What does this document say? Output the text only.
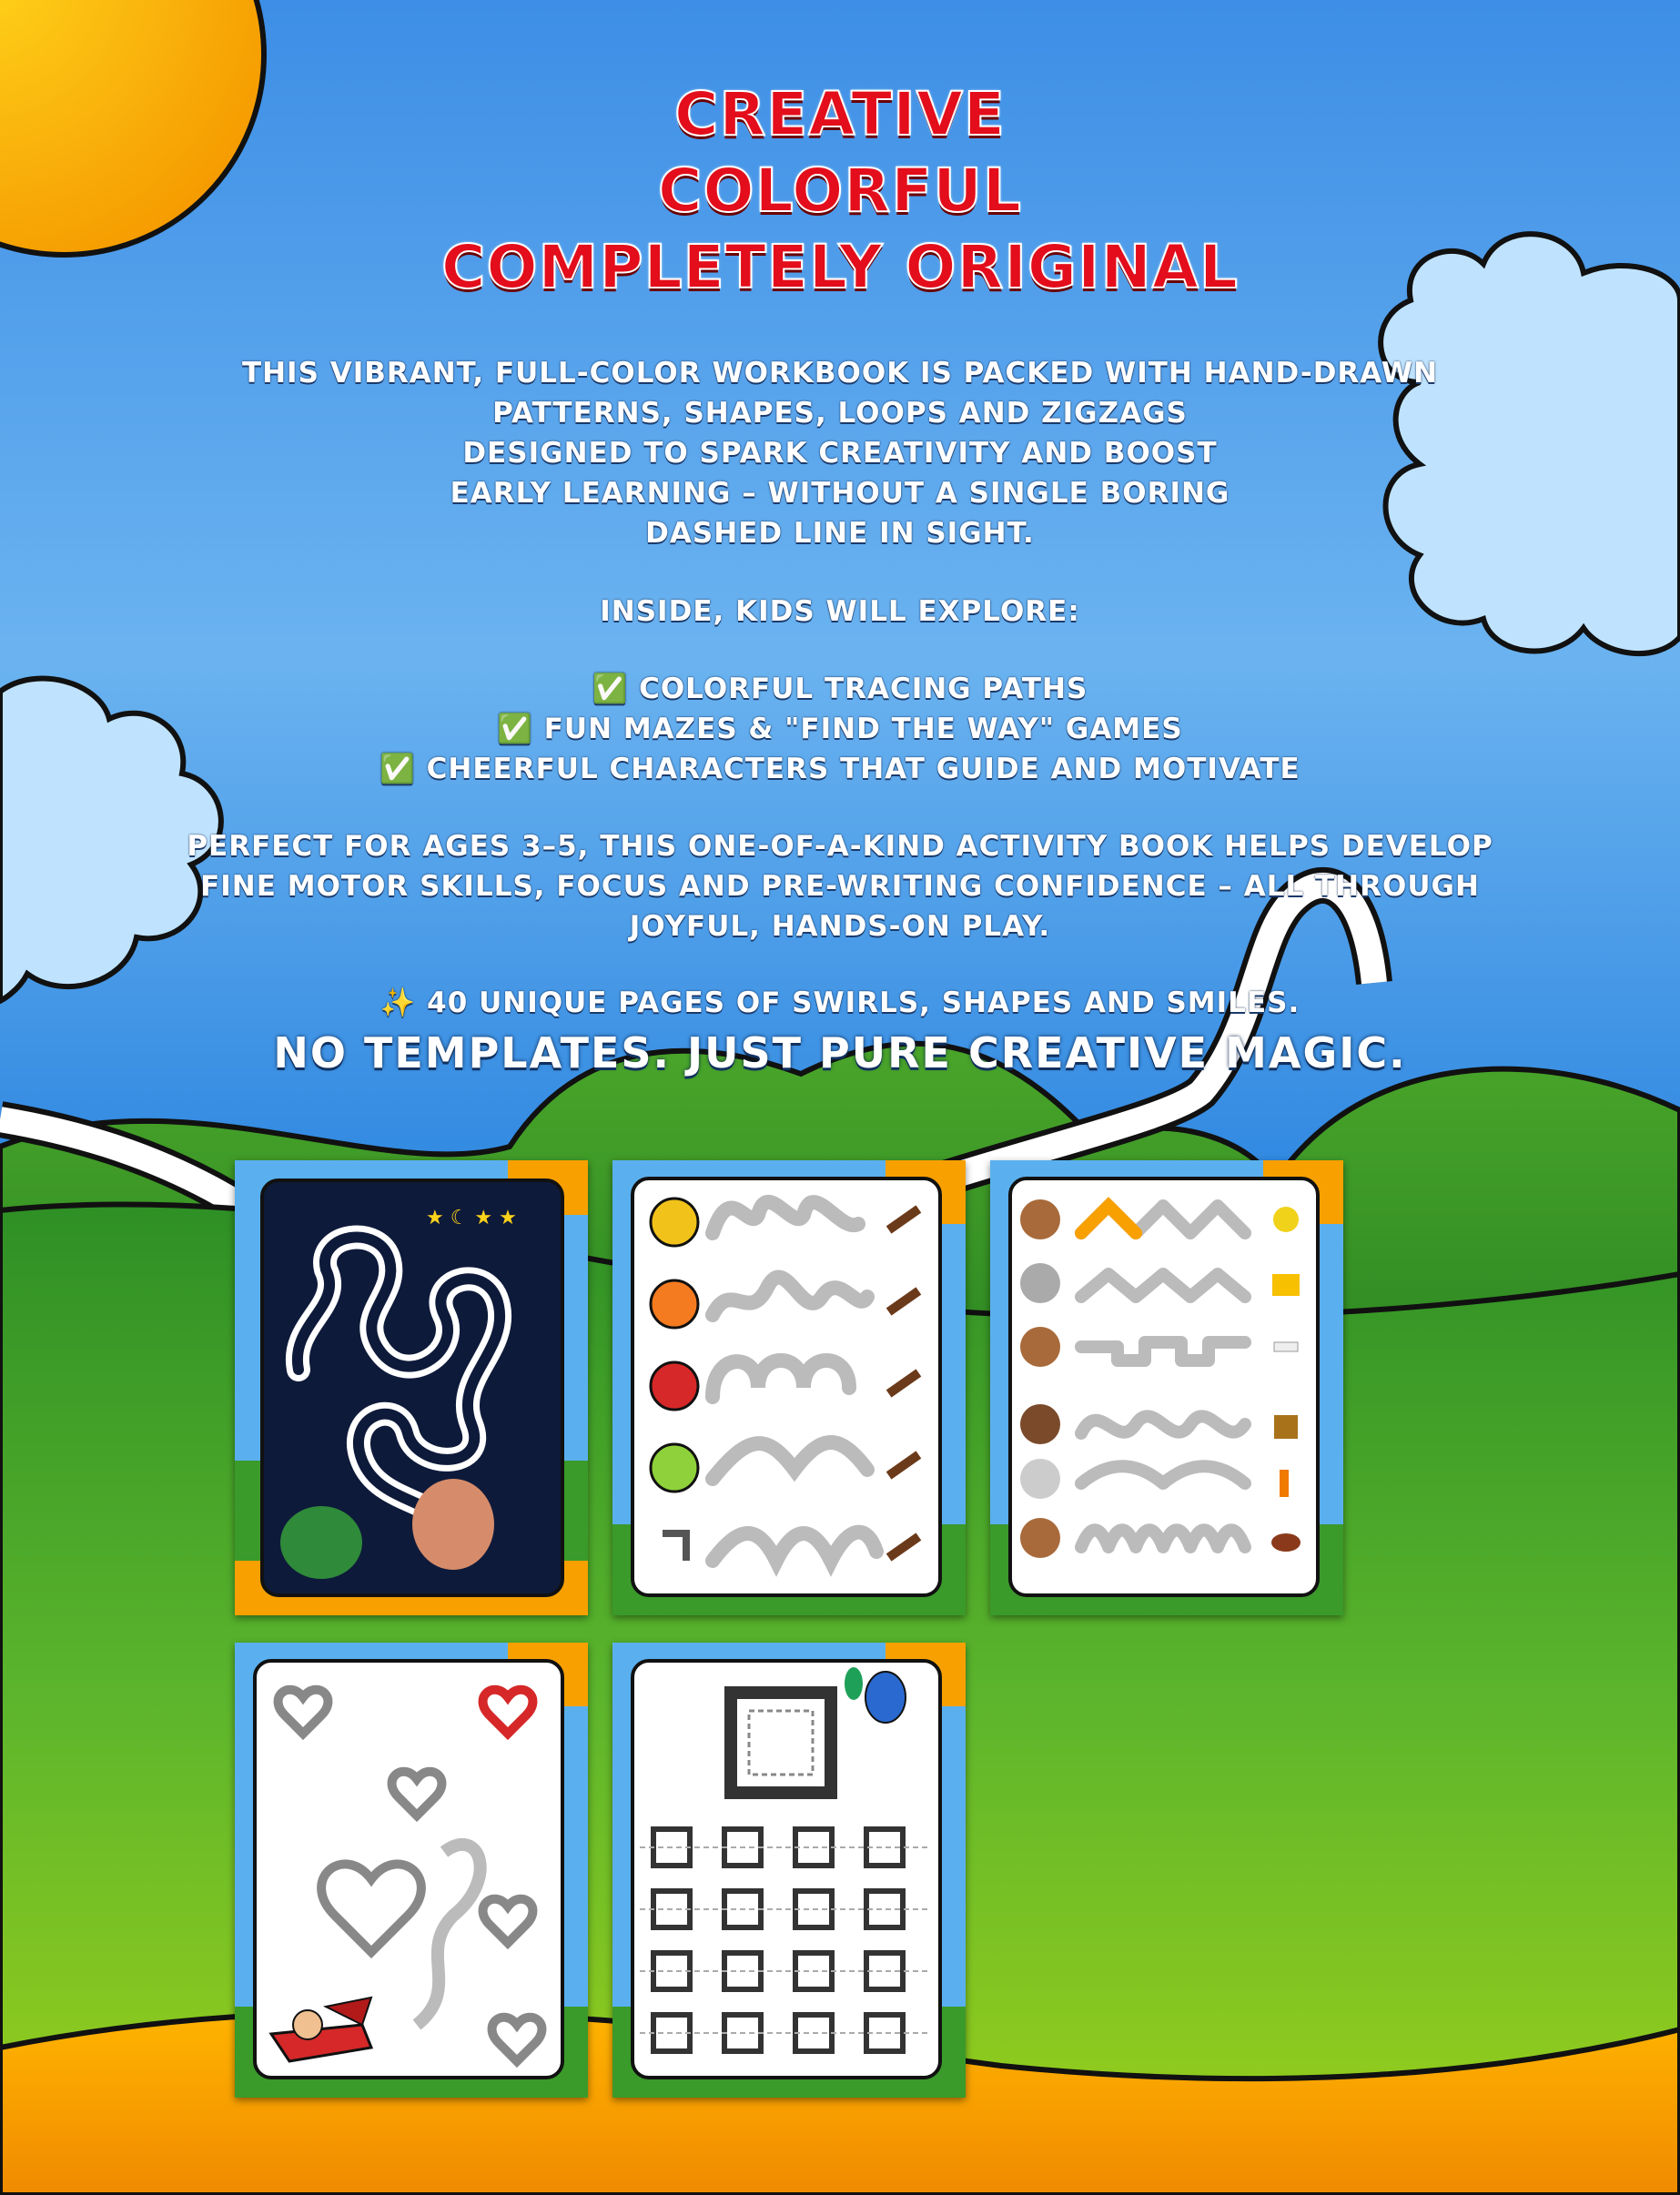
CREATIVE
COLORFUL
COMPLETELY ORIGINAL
THIS VIBRANT, FULL-COLOR WORKBOOK IS PACKED WITH HAND-DRAWN
PATTERNS, SHAPES, LOOPS AND ZIGZAGS
DESIGNED TO SPARK CREATIVITY AND BOOST
EARLY LEARNING – WITHOUT A SINGLE BORING
DASHED LINE IN SIGHT.
INSIDE, KIDS WILL EXPLORE:
✅ COLORFUL TRACING PATHS
✅ FUN MAZES & "FIND THE WAY" GAMES
✅ CHEERFUL CHARACTERS THAT GUIDE AND MOTIVATE
PERFECT FOR AGES 3–5, THIS ONE-OF-A-KIND ACTIVITY BOOK HELPS DEVELOP
FINE MOTOR SKILLS, FOCUS AND PRE-WRITING CONFIDENCE – ALL THROUGH
JOYFUL, HANDS-ON PLAY.
✨ 40 UNIQUE PAGES OF SWIRLS, SHAPES AND SMILES.
NO TEMPLATES. JUST PURE CREATIVE MAGIC.
★ ☾ ★ ★
